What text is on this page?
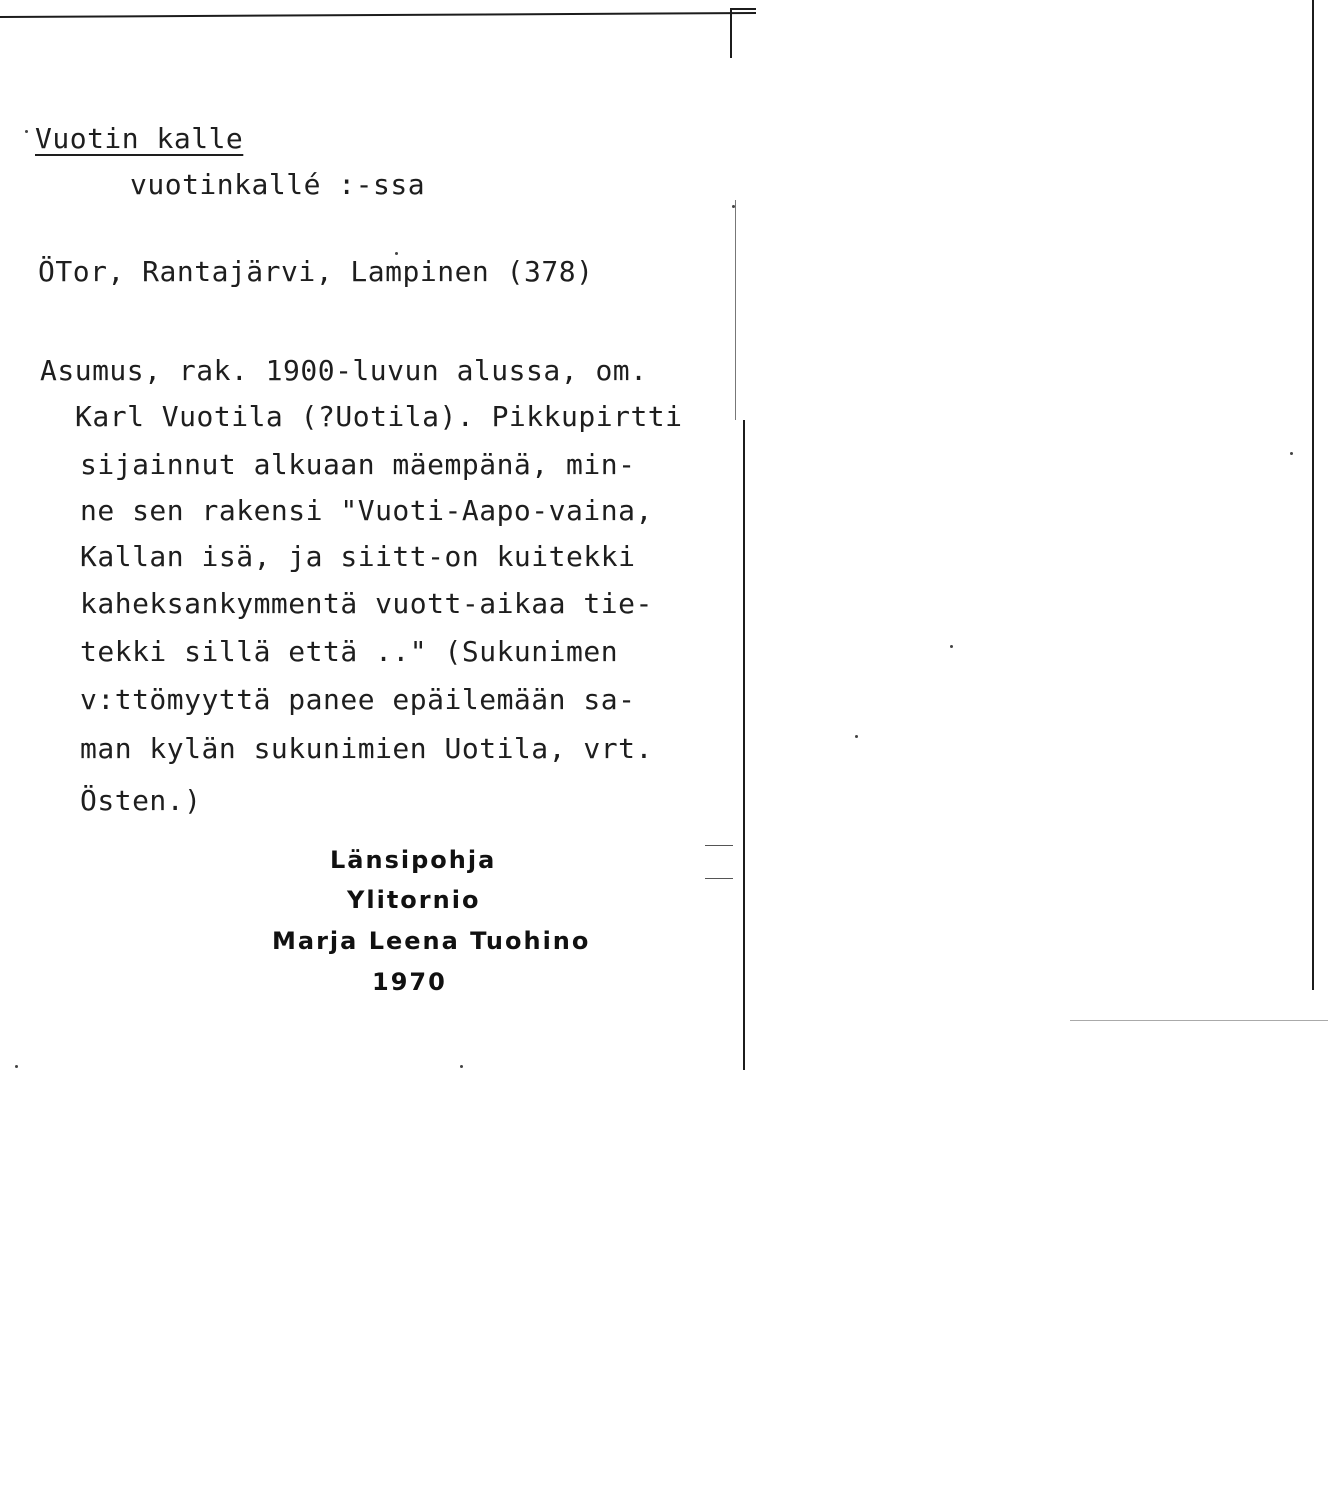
Vuotin kalle
vuotinkallé :-ssa
ÖTor, Rantajärvi, Lampinen (378)
Asumus, rak. 1900-luvun alussa, om.
Karl Vuotila (?Uotila). Pikkupirtti
sijainnut alkuaan mäempänä, min-
ne sen rakensi "Vuoti-Aapo-vaina,
Kallan isä, ja siitt-on kuitekki
kaheksankymmentä vuott-aikaa tie-
tekki sillä että .." (Sukunimen
v:ttömyyttä panee epäilemään sa-
man kylän sukunimien Uotila, vrt.
Östen.)
Länsipohja
Ylitornio
Marja Leena Tuohino
1970
